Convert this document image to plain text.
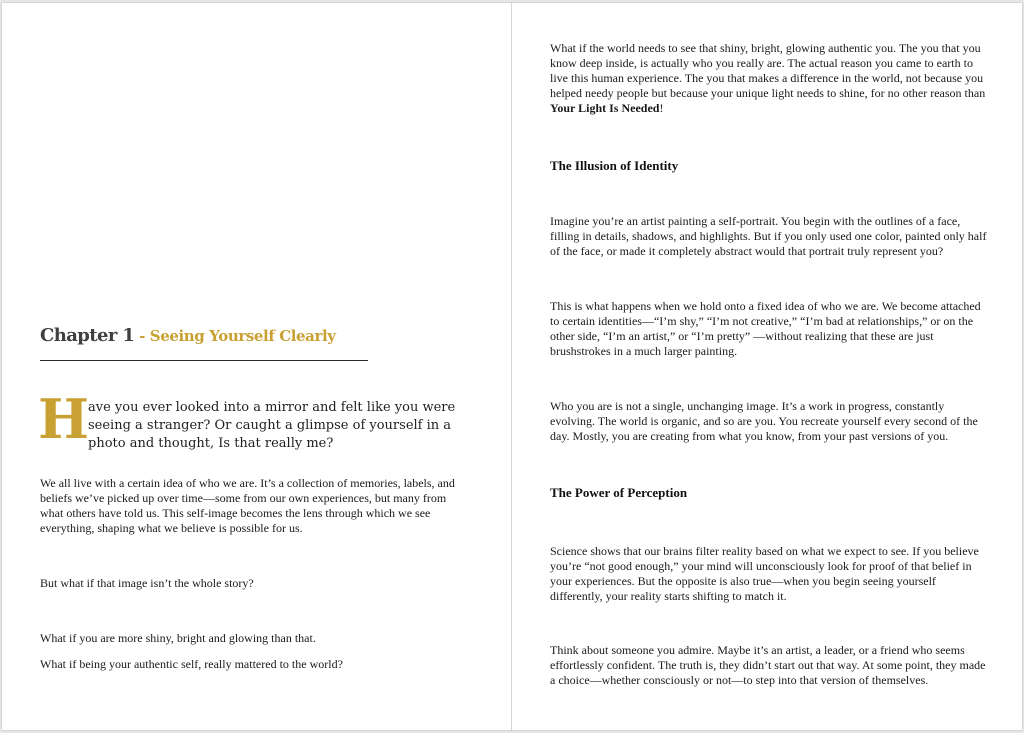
Chapter 1 - Seeing Yourself Clearly
H
ave you ever looked into a mirror and felt like you were seeing a stranger? Or caught a glimpse of yourself in a photo and thought, Is that really me?
We all live with a certain idea of who we are. It’s a collection of memories, labels, and beliefs we’ve picked up over time—some from our own experiences, but many from what others have told us. This self-image becomes the lens through which we see everything, shaping what we believe is possible for us.
But what if that image isn’t the whole story?
What if you are more shiny, bright and glowing than that.
What if being your authentic self, really mattered to the world?
What if the world needs to see that shiny, bright, glowing authentic you. The you that you know deep inside, is actually who you really are. The actual reason you came to earth to live this human experience. The you that makes a difference in the world, not because you helped needy people but because your unique light needs to shine, for no other reason than Your Light Is Needed!
The Illusion of Identity
Imagine you’re an artist painting a self-portrait. You begin with the outlines of a face, filling in details, shadows, and highlights. But if you only used one color, painted only half of the face, or made it completely abstract would that portrait truly represent you?
This is what happens when we hold onto a fixed idea of who we are. We become attached to certain identities—“I’m shy,” “I’m not creative,” “I’m bad at relationships,” or on the other side, “I’m an artist,” or “I’m pretty” —without realizing that these are just brushstrokes in a much larger painting.
Who you are is not a single, unchanging image. It’s a work in progress, constantly evolving. The world is organic, and so are you. You recreate yourself every second of the day. Mostly, you are creating from what you know, from your past versions of you.
The Power of Perception
Science shows that our brains filter reality based on what we expect to see. If you believe you’re “not good enough,” your mind will unconsciously look for proof of that belief in your experiences. But the opposite is also true—when you begin seeing yourself differently, your reality starts shifting to match it.
Think about someone you admire. Maybe it’s an artist, a leader, or a friend who seems effortlessly confident. The truth is, they didn’t start out that way. At some point, they made a choice—whether consciously or not—to step into that version of themselves.
